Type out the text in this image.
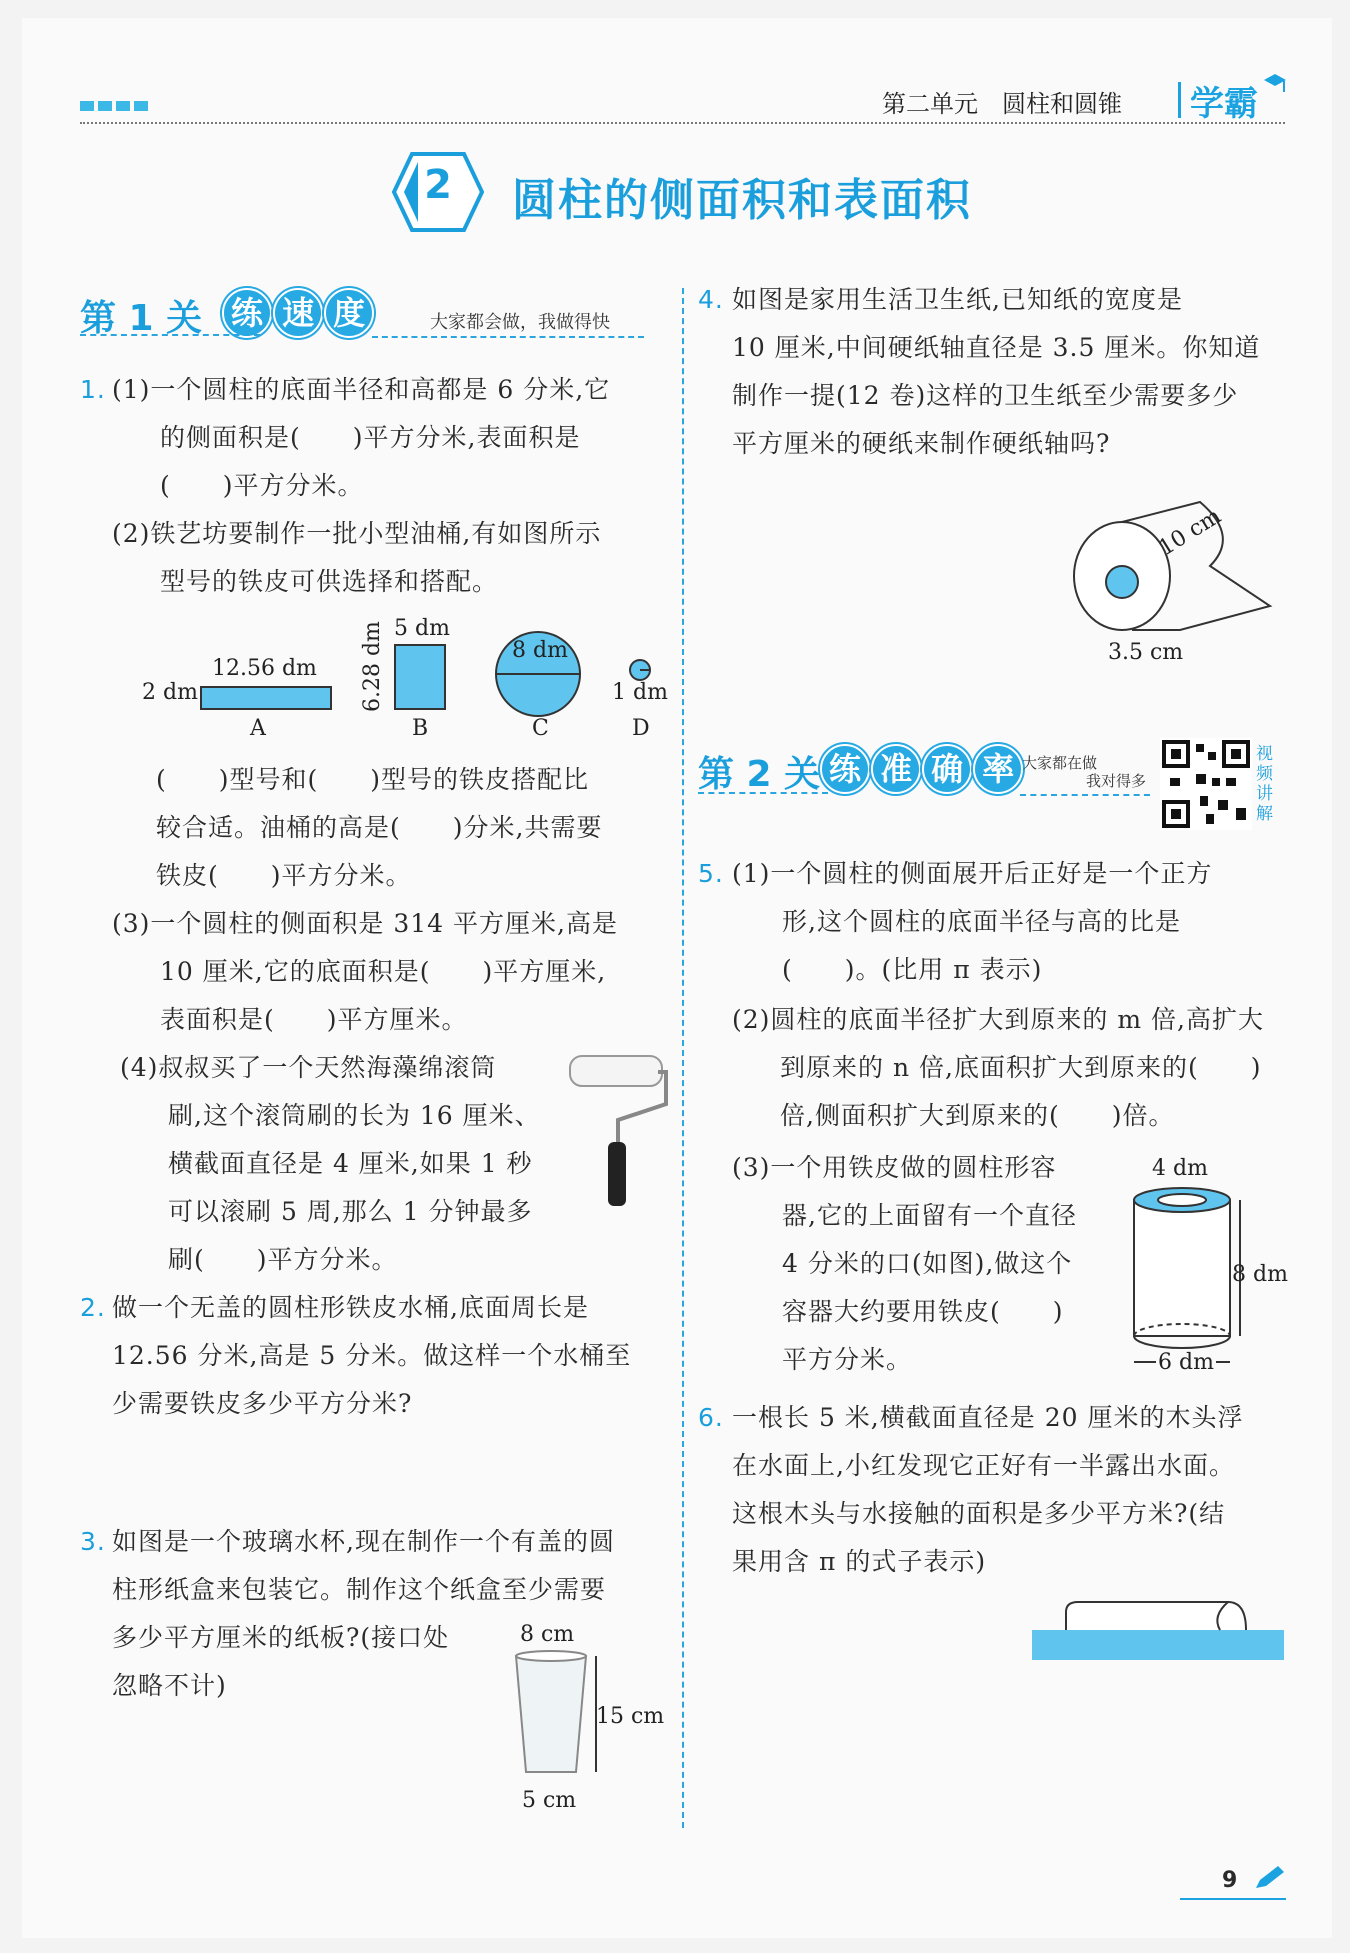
第二单元　圆柱和圆锥 学霸
2	圆柱的侧面积和表面积
第 1 关 练 速 度	大家都会做，我做得快
1. (1)一个圆柱的底面半径和高都是 6 分米,它
的侧面积是(　　)平方分米,表面积是
(　　)平方分米。
(2)铁艺坊要制作一批小型油桶,有如图所示
型号的铁皮可供选择和搭配。
12.56 dm
2 dm	6.28 dm 5 dm
8 dm
1 dm
A	B	C	D
(　　)型号和(　　)型号的铁皮搭配比
较合适。油桶的高是(　　)分米,共需要
铁皮(　　)平方分米。
(3)一个圆柱的侧面积是 314 平方厘米,高是
10 厘米,它的底面积是(　　)平方厘米,
表面积是(　　)平方厘米。
(4)叔叔买了一个天然海藻绵滚筒
刷,这个滚筒刷的长为 16 厘米、
横截面直径是 4 厘米,如果 1 秒
可以滚刷 5 周,那么 1 分钟最多
刷(　　)平方分米。
2. 做一个无盖的圆柱形铁皮水桶,底面周长是
12.56 分米,高是 5 分米。做这样一个水桶至
少需要铁皮多少平方分米?
3. 如图是一个玻璃水杯,现在制作一个有盖的圆
柱形纸盒来包装它。制作这个纸盒至少需要
多少平方厘米的纸板?(接口处
忽略不计)
8 cm
15 cm
5 cm
4. 如图是家用生活卫生纸,已知纸的宽度是
10 厘米,中间硬纸轴直径是 3.5 厘米。你知道
制作一提(12 卷)这样的卫生纸至少需要多少
平方厘米的硬纸来制作硬纸轴吗?
10 cm
3.5 cm
第 2 关 练 准 确 率 大家都在做
我对得多
视
频
讲
解
5. (1)一个圆柱的侧面展开后正好是一个正方
形,这个圆柱的底面半径与高的比是
(　　)。(比用 π 表示)
(2)圆柱的底面半径扩大到原来的 m 倍,高扩大
到原来的 n 倍,底面积扩大到原来的(　　)
倍,侧面积扩大到原来的(　　)倍。
(3)一个用铁皮做的圆柱形容
器,它的上面留有一个直径
4 分米的口(如图),做这个
容器大约要用铁皮(　　)
平方分米。
4 dm
8 dm
6 dm
6. 一根长 5 米,横截面直径是 20 厘米的木头浮
在水面上,小红发现它正好有一半露出水面。
这根木头与水接触的面积是多少平方米?(结
果用含 π 的式子表示)
9
